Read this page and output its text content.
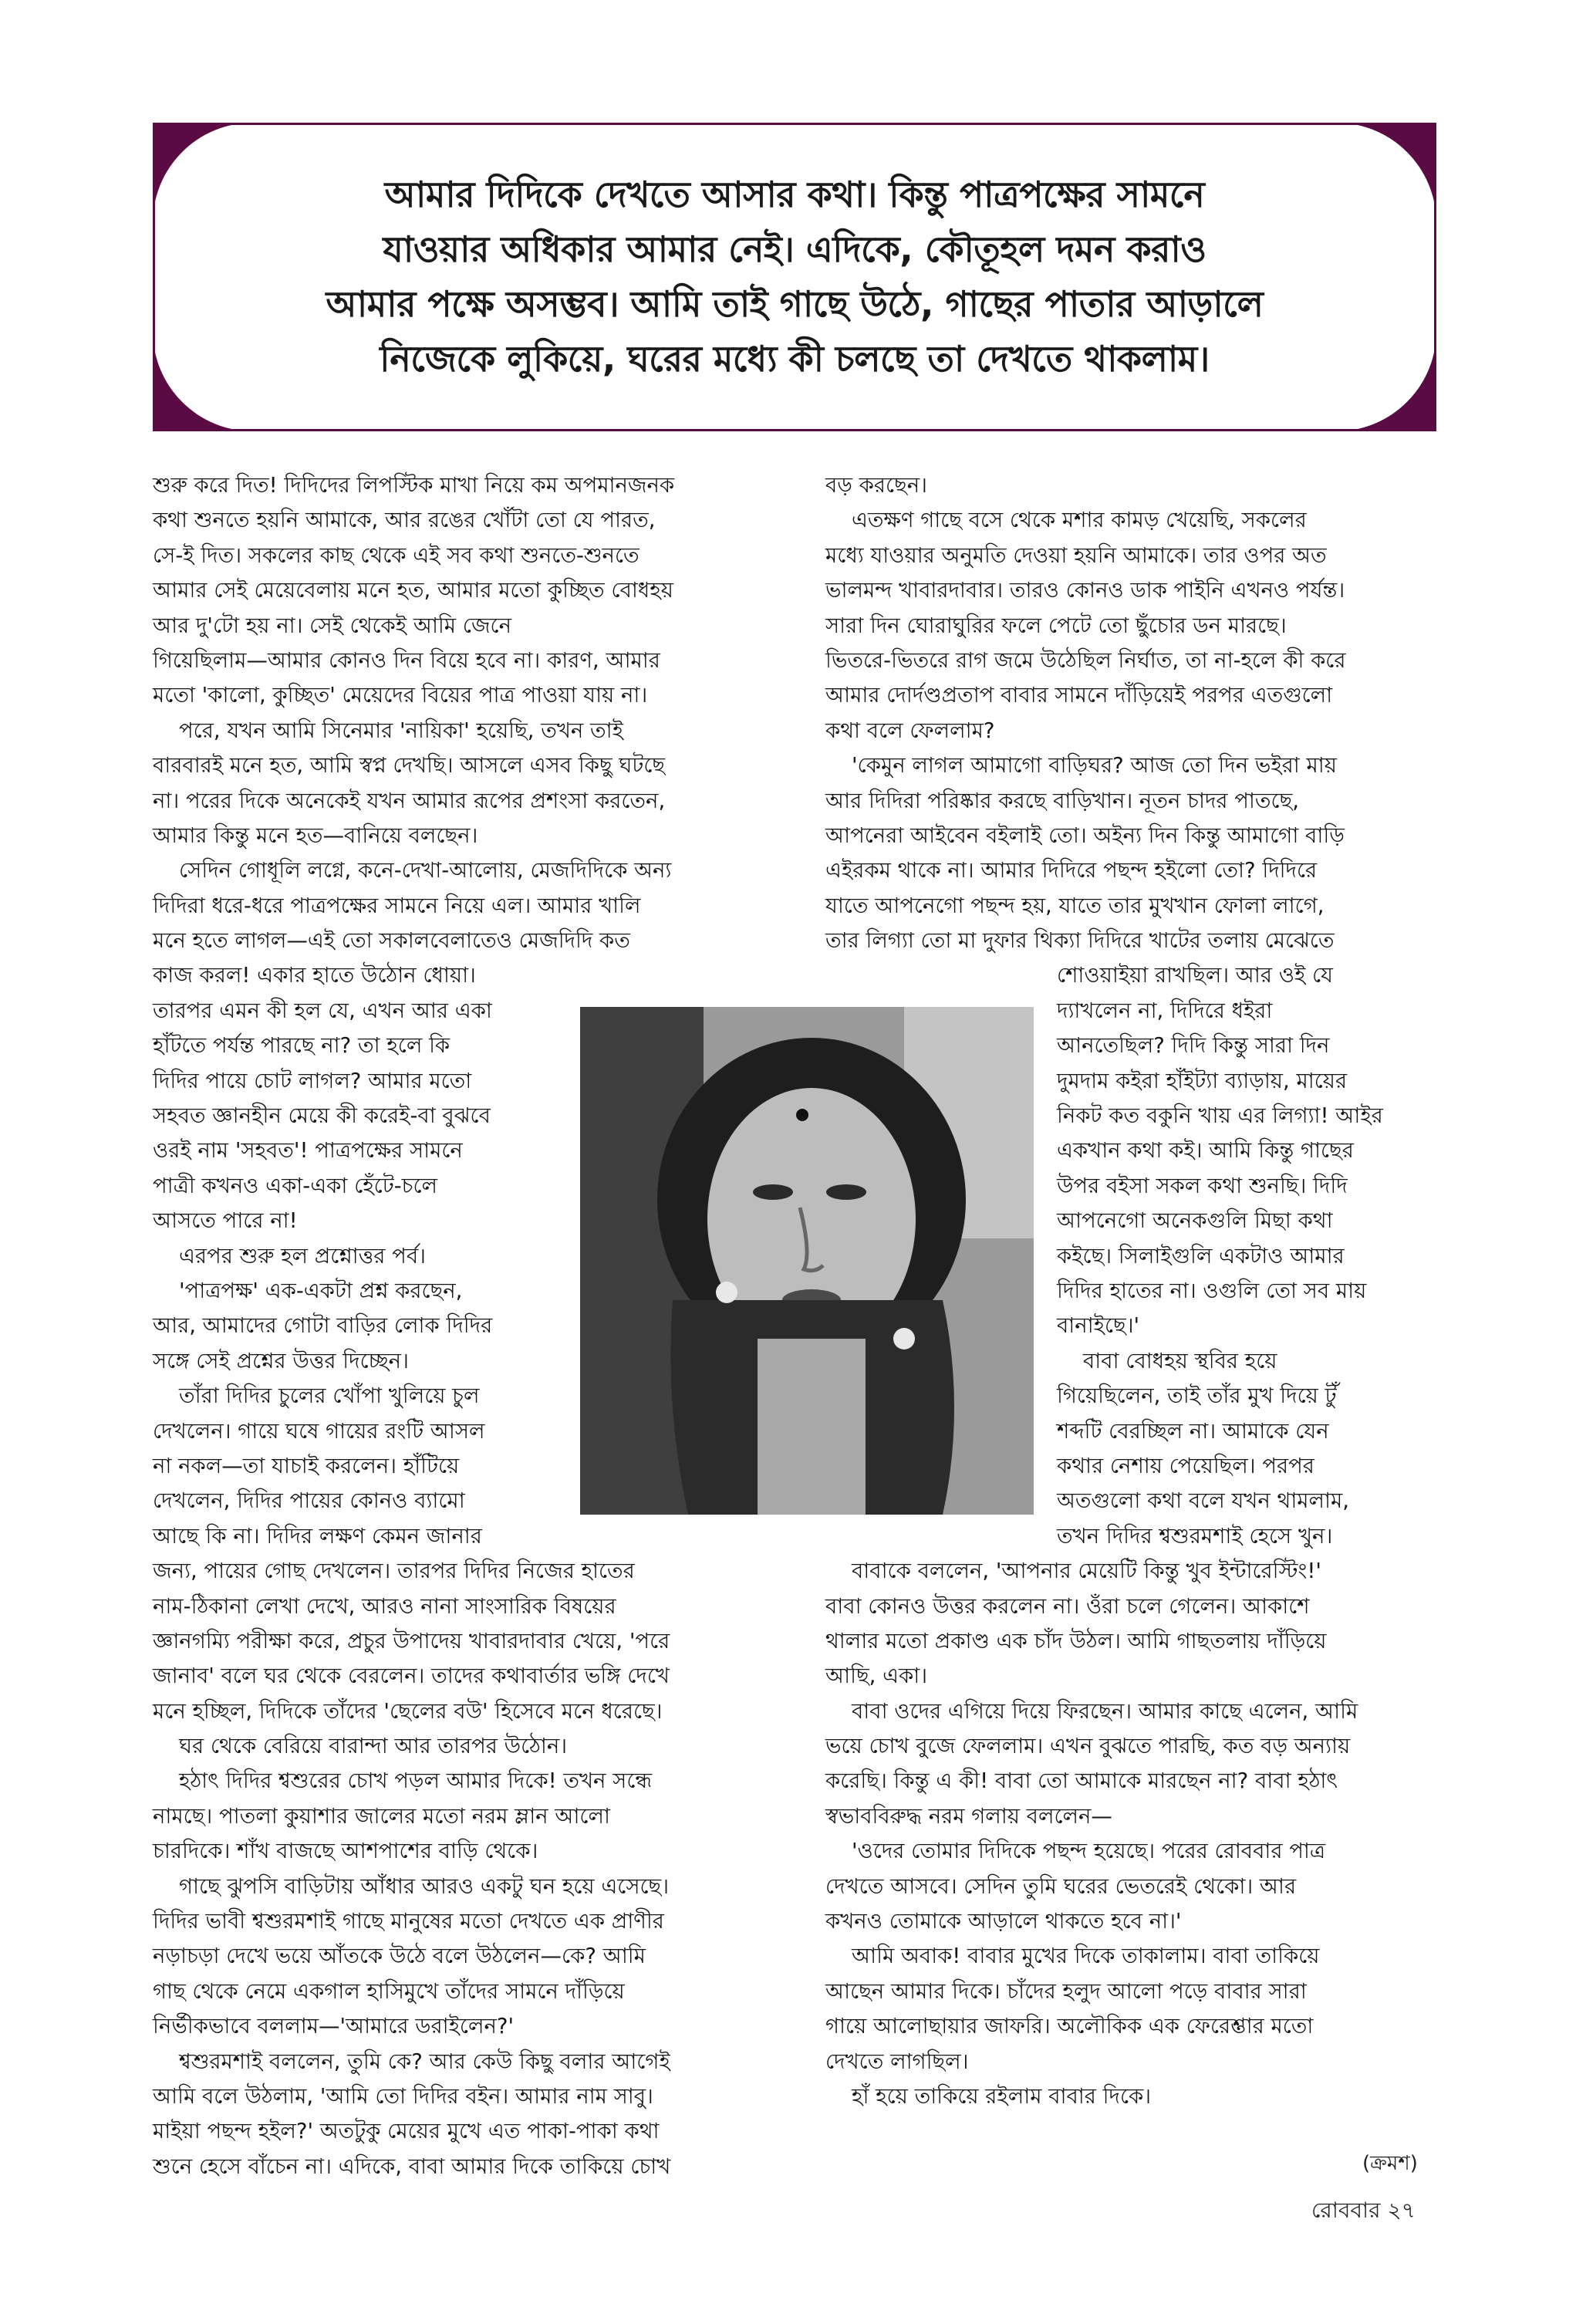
আমার দিদিকে দেখতে আসার কথা। কিন্তু পাত্রপক্ষের সামনে
যাওয়ার অধিকার আমার নেই। এদিকে, কৌতূহল দমন করাও
আমার পক্ষে অসম্ভব। আমি তাই গাছে উঠে, গাছের পাতার আড়ালে
নিজেকে লুকিয়ে, ঘরের মধ্যে কী চলছে তা দেখতে থাকলাম।
শুরু করে দিত! দিদিদের লিপস্টিক মাখা নিয়ে কম অপমানজনক
কথা শুনতে হয়নি আমাকে, আর রঙের খোঁটা তো যে পারত,
সে-ই দিত। সকলের কাছ থেকে এই সব কথা শুনতে-শুনতে
আমার সেই মেয়েবেলায় মনে হত, আমার মতো কুচ্ছিত বোধহয়
আর দু'টো হয় না। সেই থেকেই আমি জেনে
গিয়েছিলাম—আমার কোনও দিন বিয়ে হবে না। কারণ, আমার
মতো 'কালো, কুচ্ছিত' মেয়েদের বিয়ের পাত্র পাওয়া যায় না।
পরে, যখন আমি সিনেমার 'নায়িকা' হয়েছি, তখন তাই
বারবারই মনে হত, আমি স্বপ্ন দেখছি। আসলে এসব কিছু ঘটছে
না। পরের দিকে অনেকেই যখন আমার রূপের প্রশংসা করতেন,
আমার কিন্তু মনে হত—বানিয়ে বলছেন।
সেদিন গোধূলি লগ্নে, কনে-দেখা-আলোয়, মেজদিদিকে অন্য
দিদিরা ধরে-ধরে পাত্রপক্ষের সামনে নিয়ে এল। আমার খালি
মনে হতে লাগল—এই তো সকালবেলাতেও মেজদিদি কত
কাজ করল! একার হাতে উঠোন ধোয়া।
তারপর এমন কী হল যে, এখন আর একা
হাঁটতে পর্যন্ত পারছে না? তা হলে কি
দিদির পায়ে চোট লাগল? আমার মতো
সহবত জ্ঞানহীন মেয়ে কী করেই-বা বুঝবে
ওরই নাম 'সহবত'! পাত্রপক্ষের সামনে
পাত্রী কখনও একা-একা হেঁটে-চলে
আসতে পারে না!
এরপর শুরু হল প্রশ্নোত্তর পর্ব।
'পাত্রপক্ষ' এক-একটা প্রশ্ন করছেন,
আর, আমাদের গোটা বাড়ির লোক দিদির
সঙ্গে সেই প্রশ্নের উত্তর দিচ্ছেন।
তাঁরা দিদির চুলের খোঁপা খুলিয়ে চুল
দেখলেন। গায়ে ঘষে গায়ের রংটি আসল
না নকল—তা যাচাই করলেন। হাঁটিয়ে
দেখলেন, দিদির পায়ের কোনও ব্যামো
আছে কি না। দিদির লক্ষণ কেমন জানার
জন্য, পায়ের গোছ দেখলেন। তারপর দিদির নিজের হাতের
নাম-ঠিকানা লেখা দেখে, আরও নানা সাংসারিক বিষয়ের
জ্ঞানগম্যি পরীক্ষা করে, প্রচুর উপাদেয় খাবারদাবার খেয়ে, 'পরে
জানাব' বলে ঘর থেকে বেরলেন। তাদের কথাবার্তার ভঙ্গি দেখে
মনে হচ্ছিল, দিদিকে তাঁদের 'ছেলের বউ' হিসেবে মনে ধরেছে।
ঘর থেকে বেরিয়ে বারান্দা আর তারপর উঠোন।
হঠাৎ দিদির শ্বশুরের চোখ পড়ল আমার দিকে! তখন সন্ধে
নামছে। পাতলা কুয়াশার জালের মতো নরম ম্লান আলো
চারদিকে। শাঁখ বাজছে আশপাশের বাড়ি থেকে।
গাছে ঝুপসি বাড়িটায় আঁধার আরও একটু ঘন হয়ে এসেছে।
দিদির ভাবী শ্বশুরমশাই গাছে মানুষের মতো দেখতে এক প্রাণীর
নড়াচড়া দেখে ভয়ে আঁতকে উঠে বলে উঠলেন—কে? আমি
গাছ থেকে নেমে একগাল হাসিমুখে তাঁদের সামনে দাঁড়িয়ে
নির্ভীকভাবে বললাম—'আমারে ডরাইলেন?'
শ্বশুরমশাই বললেন, তুমি কে? আর কেউ কিছু বলার আগেই
আমি বলে উঠলাম, 'আমি তো দিদির বইন। আমার নাম সাবু।
মাইয়া পছন্দ হইল?' অতটুকু মেয়ের মুখে এত পাকা-পাকা কথা
শুনে হেসে বাঁচেন না। এদিকে, বাবা আমার দিকে তাকিয়ে চোখ
বড় করছেন।
এতক্ষণ গাছে বসে থেকে মশার কামড় খেয়েছি, সকলের
মধ্যে যাওয়ার অনুমতি দেওয়া হয়নি আমাকে। তার ওপর অত
ভালমন্দ খাবারদাবার। তারও কোনও ডাক পাইনি এখনও পর্যন্ত।
সারা দিন ঘোরাঘুরির ফলে পেটে তো ছুঁচোর ডন মারছে।
ভিতরে-ভিতরে রাগ জমে উঠেছিল নির্ঘাত, তা না-হলে কী করে
আমার দোর্দণ্ডপ্রতাপ বাবার সামনে দাঁড়িয়েই পরপর এতগুলো
কথা বলে ফেললাম?
'কেমুন লাগল আমাগো বাড়িঘর? আজ তো দিন ভইরা মায়
আর দিদিরা পরিষ্কার করছে বাড়িখান। নূতন চাদর পাতছে,
আপনেরা আইবেন বইলাই তো। অইন্য দিন কিন্তু আমাগো বাড়ি
এইরকম থাকে না। আমার দিদিরে পছন্দ হইলো তো? দিদিরে
যাতে আপনেগো পছন্দ হয়, যাতে তার মুখখান ফোলা লাগে,
তার লিগ্যা তো মা দুফার থিক্যা দিদিরে খাটের তলায় মেঝেতে
শোওয়াইয়া রাখছিল। আর ওই যে
দ্যাখলেন না, দিদিরে ধইরা
আনতেছিল? দিদি কিন্তু সারা দিন
দুমদাম কইরা হাঁইট্যা ব্যাড়ায়, মায়ের
নিকট কত বকুনি খায় এর লিগ্যা! আইর
একখান কথা কই। আমি কিন্তু গাছের
উপর বইসা সকল কথা শুনছি। দিদি
আপনেগো অনেকগুলি মিছা কথা
কইছে। সিলাইগুলি একটাও আমার
দিদির হাতের না। ওগুলি তো সব মায়
বানাইছে।'
বাবা বোধহয় স্থবির হয়ে
গিয়েছিলেন, তাই তাঁর মুখ দিয়ে টুঁ
শব্দটি বেরচ্ছিল না। আমাকে যেন
কথার নেশায় পেয়েছিল। পরপর
অতগুলো কথা বলে যখন থামলাম,
তখন দিদির শ্বশুরমশাই হেসে খুন।
বাবাকে বললেন, 'আপনার মেয়েটি কিন্তু খুব ইন্টারেস্টিং!'
বাবা কোনও উত্তর করলেন না। ওঁরা চলে গেলেন। আকাশে
থালার মতো প্রকাণ্ড এক চাঁদ উঠল। আমি গাছতলায় দাঁড়িয়ে
আছি, একা।
বাবা ওদের এগিয়ে দিয়ে ফিরছেন। আমার কাছে এলেন, আমি
ভয়ে চোখ বুজে ফেললাম। এখন বুঝতে পারছি, কত বড় অন্যায়
করেছি। কিন্তু এ কী! বাবা তো আমাকে মারছেন না? বাবা হঠাৎ
স্বভাববিরুদ্ধ নরম গলায় বললেন—
'ওদের তোমার দিদিকে পছন্দ হয়েছে। পরের রোববার পাত্র
দেখতে আসবে। সেদিন তুমি ঘরের ভেতরেই থেকো। আর
কখনও তোমাকে আড়ালে থাকতে হবে না।'
আমি অবাক! বাবার মুখের দিকে তাকালাম। বাবা তাকিয়ে
আছেন আমার দিকে। চাঁদের হলুদ আলো পড়ে বাবার সারা
গায়ে আলোছায়ার জাফরি। অলৌকিক এক ফেরেশ্তার মতো
দেখতে লাগছিল।
হাঁ হয়ে তাকিয়ে রইলাম বাবার দিকে।
(ক্রমশ)
রোববার ২৭
